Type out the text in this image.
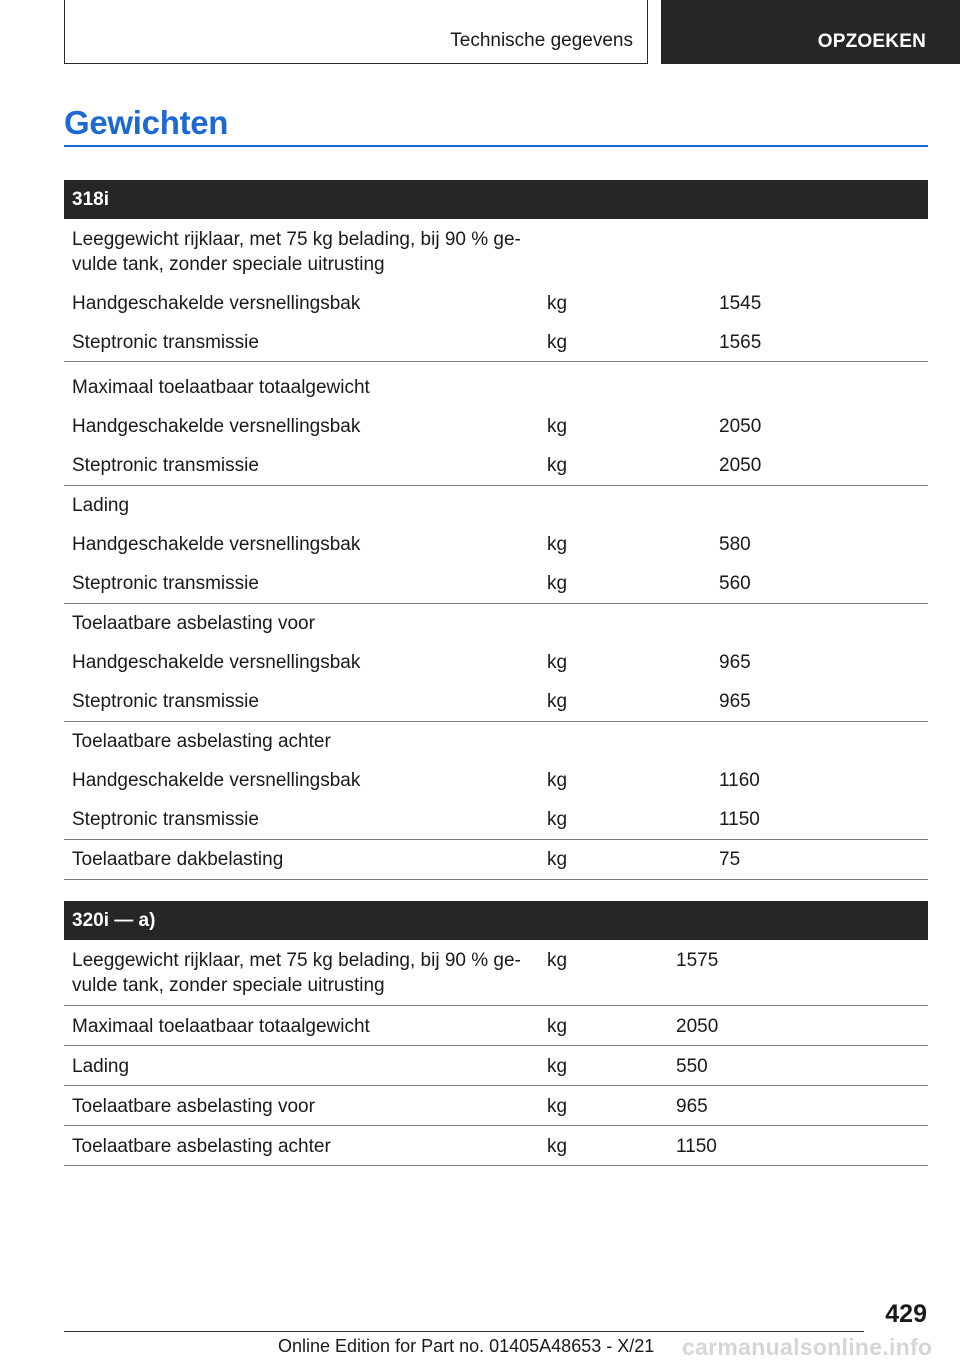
Technische gegevens	OPZOEKEN
Gewichten
318i
Leeggewicht rijklaar, met 75 kg belading, bij 90 % ge-
vulde tank, zonder speciale uitrusting
Handgeschakelde versnellingsbak	kg	1545
Steptronic transmissie	kg	1565
Maximaal toelaatbaar totaalgewicht
Handgeschakelde versnellingsbak	kg	2050
Steptronic transmissie	kg	2050
Lading
Handgeschakelde versnellingsbak	kg	580
Steptronic transmissie	kg	560
Toelaatbare asbelasting voor
Handgeschakelde versnellingsbak	kg	965
Steptronic transmissie	kg	965
Toelaatbare asbelasting achter
Handgeschakelde versnellingsbak	kg	1160
Steptronic transmissie	kg	1150
Toelaatbare dakbelasting	kg	75
320i — a)
Leeggewicht rijklaar, met 75 kg belading, bij 90 % ge-
vulde tank, zonder speciale uitrusting
kg	1575
Maximaal toelaatbaar totaalgewicht	kg	2050
Lading	kg	550
Toelaatbare asbelasting voor	kg	965
Toelaatbare asbelasting achter	kg	1150
429
Online Edition for Part no. 01405A48653 - X/21 carmanualsonline.info
